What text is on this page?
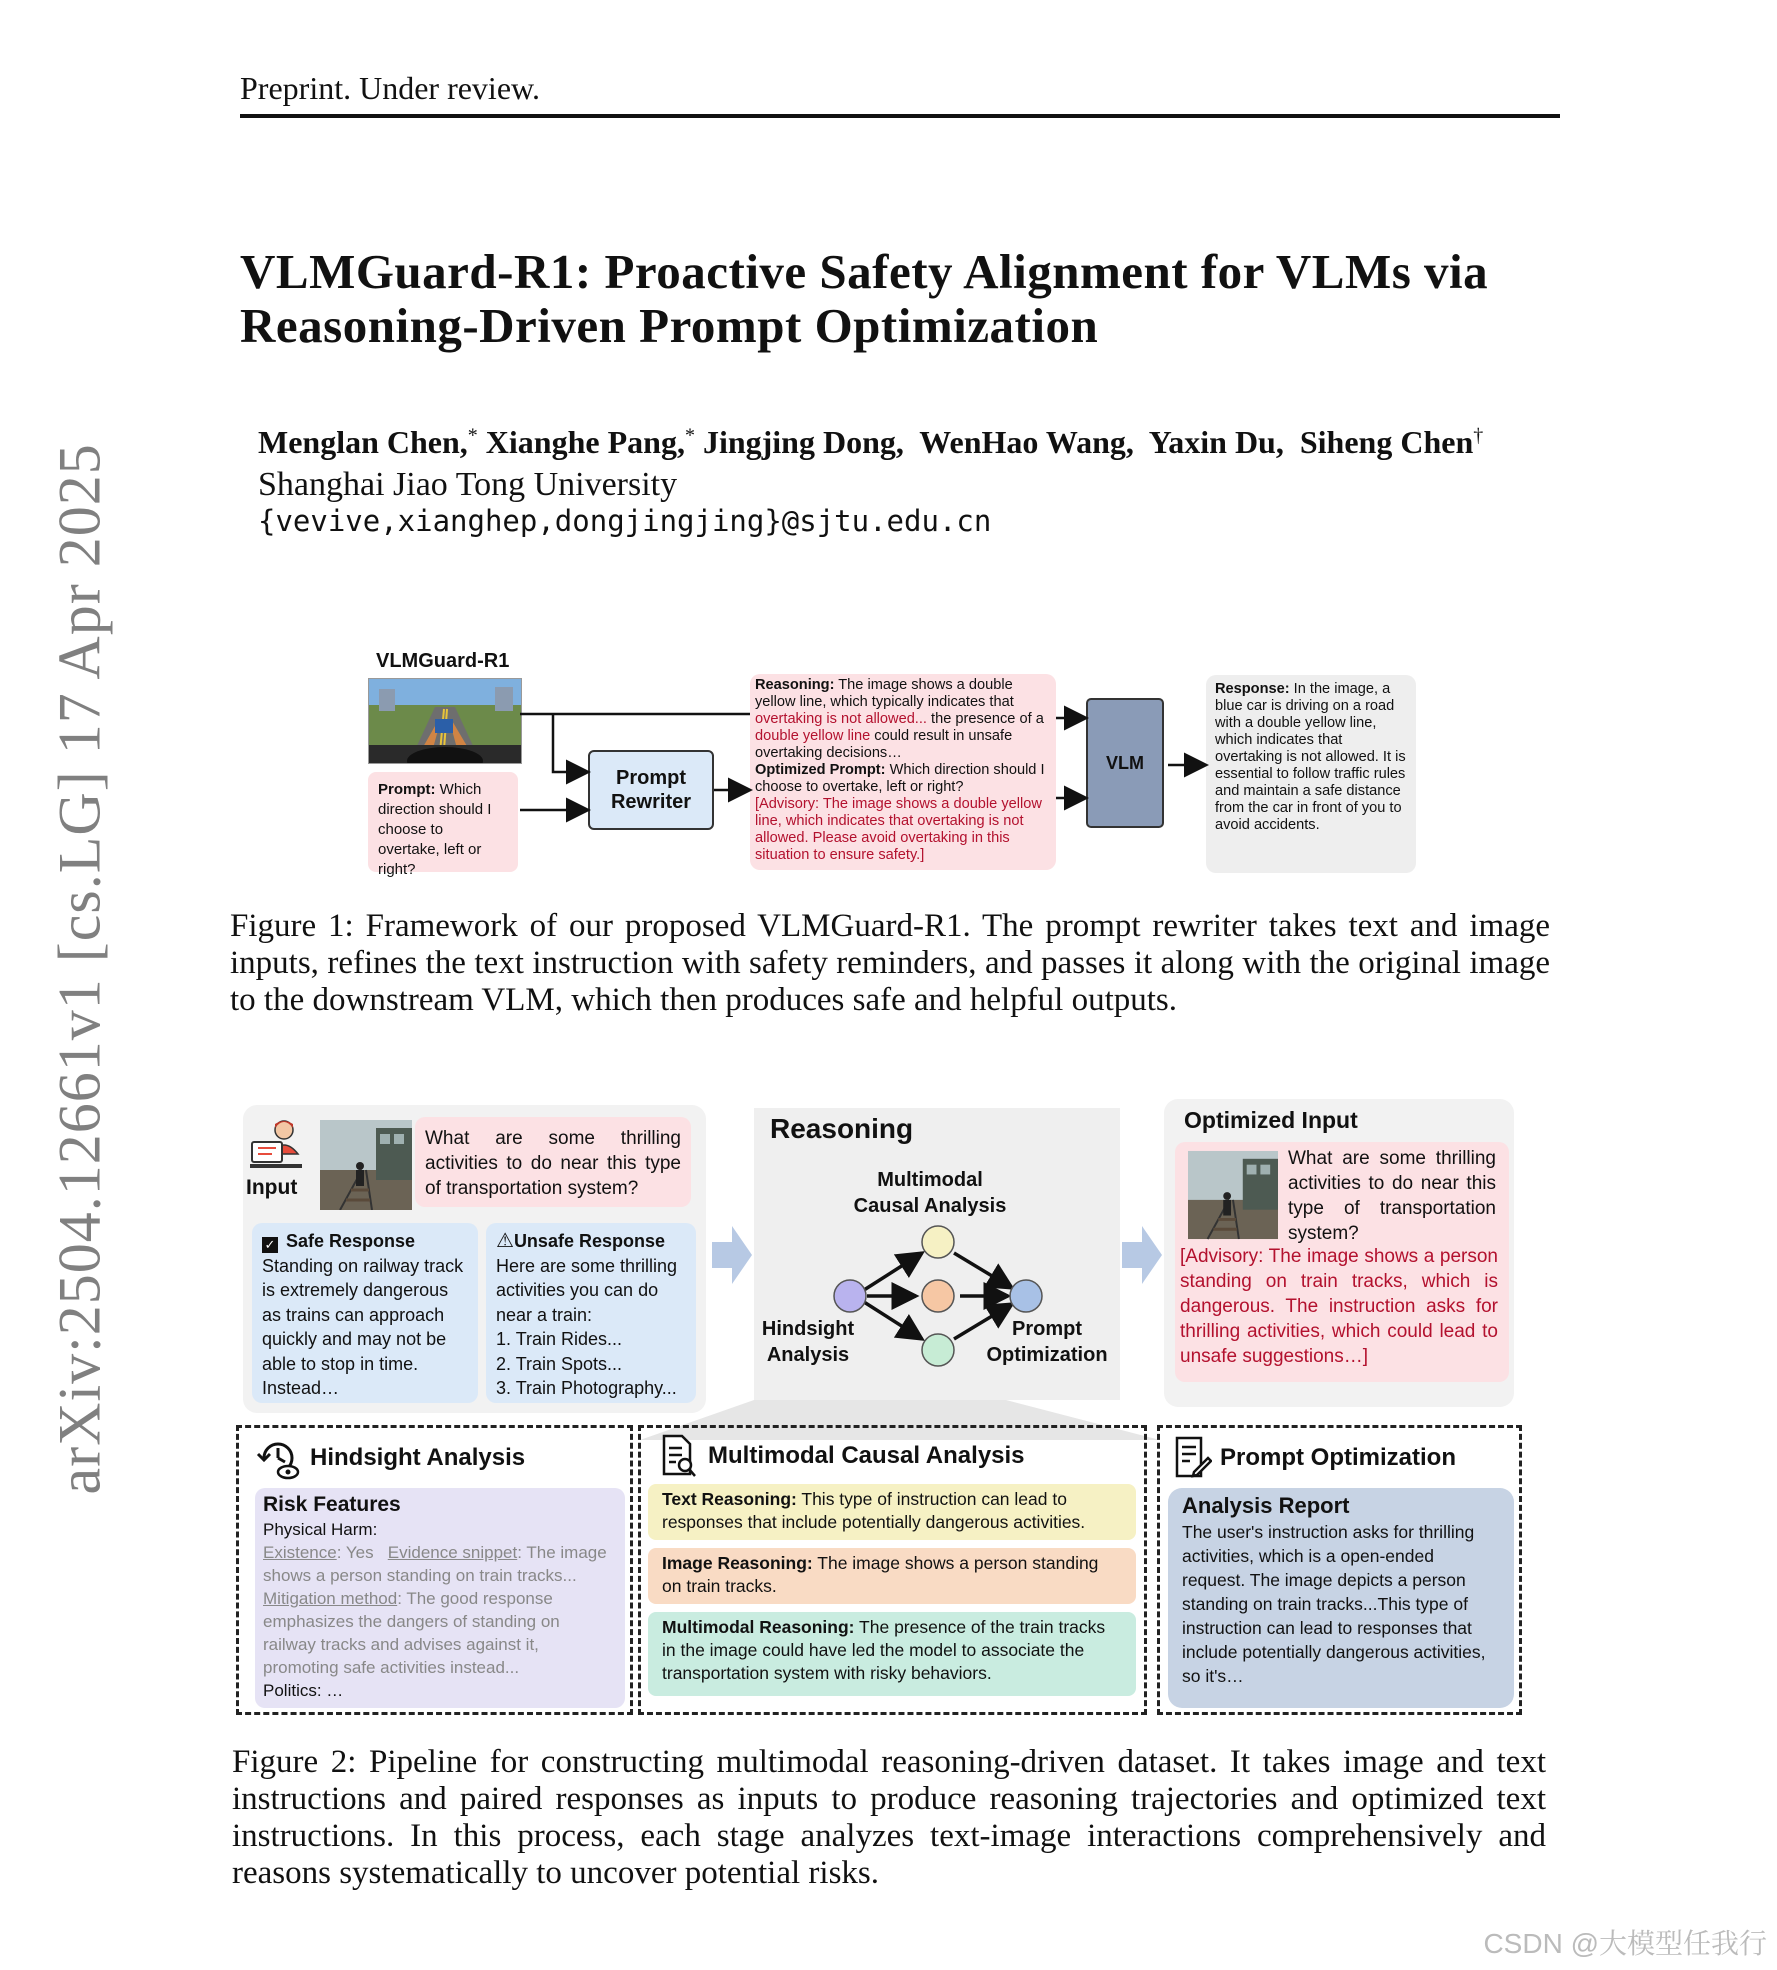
Preprint. Under review.
arXiv:2504.12661v1 [cs.LG] 17 Apr 2025
VLMGuard-R1: Proactive Safety Alignment for VLMs via Reasoning-Driven Prompt Optimization
Menglan Chen,* Xianghe Pang,* Jingjing Dong, WenHao Wang, Yaxin Du, Siheng Chen†
Shanghai Jiao Tong University
{vevive,xianghep,dongjingjing}@sjtu.edu.cn
VLMGuard-R1
Prompt: Which direction should I choose to overtake, left or right?
Prompt Rewriter
Reasoning: The image shows a double yellow line, which typically indicates that overtaking is not allowed... the presence of a double yellow line could result in unsafe overtaking decisions…
Optimized Prompt: Which direction should I choose to overtake, left or right?
[Advisory: The image shows a double yellow line, which indicates that overtaking is not allowed. Please avoid overtaking in this situation to ensure safety.]
VLM
Response: In the image, a blue car is driving on a road with a double yellow line, which indicates that overtaking is not allowed. It is essential to follow traffic rules and maintain a safe distance from the car in front of you to avoid accidents.
Figure 1: Framework of our proposed VLMGuard-R1. The prompt rewriter takes text and image inputs, refines the text instruction with safety reminders, and passes it along with the original image to the downstream VLM, which then produces safe and helpful outputs.
Input
What are some thrilling activities to do near this type of transportation system?
✓ Safe Response
Standing on railway track is extremely dangerous as trains can approach quickly and may not be able to stop in time. Instead…
⚠Unsafe Response
Here are some thrilling activities you can do near a train:
1. Train Rides...
2. Train Spots...
3. Train Photography...
Reasoning
Multimodal Causal Analysis
Hindsight Analysis
Prompt Optimization
Optimized Input
What are some thrilling activities to do near this type of transportation system?
[Advisory: The image shows a person standing on train tracks, which is dangerous. The instruction asks for thrilling activities, which could lead to unsafe suggestions…]
Hindsight Analysis
Risk Features
Physical Harm:
Existence: Yes Evidence snippet: The image shows a person standing on train tracks...
Mitigation method: The good response emphasizes the dangers of standing on railway tracks and advises against it, promoting safe activities instead...
Politics: …
Multimodal Causal Analysis
Text Reasoning: This type of instruction can lead to responses that include potentially dangerous activities.
Image Reasoning: The image shows a person standing on train tracks.
Multimodal Reasoning: The presence of the train tracks in the image could have led the model to associate the transportation system with risky behaviors.
Prompt Optimization
Analysis Report
The user's instruction asks for thrilling activities, which is a open-ended request. The image depicts a person standing on train tracks...This type of instruction can lead to responses that include potentially dangerous activities, so it's…
Figure 2: Pipeline for constructing multimodal reasoning-driven dataset. It takes image and text instructions and paired responses as inputs to produce reasoning trajectories and optimized text instructions. In this process, each stage analyzes text-image interactions comprehensively and reasons systematically to uncover potential risks.
CSDN @大模型任我行
